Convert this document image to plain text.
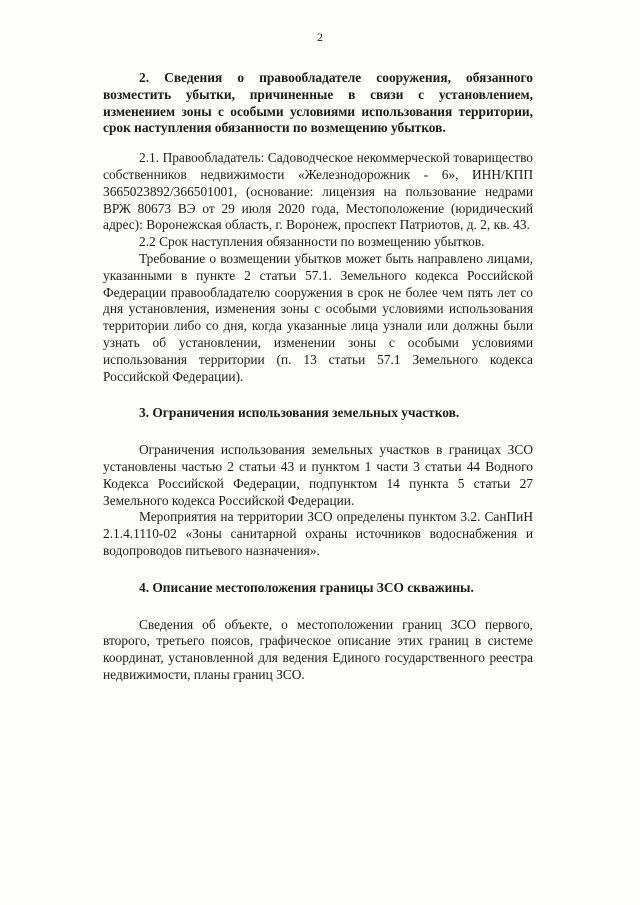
2

2. Сведения о правообладателе сооружения, обязанного возместить убытки, причиненные в связи с установлением, изменением зоны с особыми условиями использования территории, срок наступления обязанности по возмещению убытков.

2.1. Правообладатель: Садоводческое некоммерческой товарищество собственников недвижимости «Железнодорожник - 6», ИНН/КПП 3665023892/366501001, (основание: лицензия на пользование недрами ВРЖ 80673 ВЭ от 29 июля 2020 года, Местоположение (юридический адрес): Воронежская область, г. Воронеж, проспект Патриотов, д. 2, кв. 43.

2.2 Срок наступления обязанности по возмещению убытков.

Требование о возмещении убытков может быть направлено лицами, указанными в пункте 2 статьи 57.1. Земельного кодекса Российской Федерации правообладателю сооружения в срок не более чем пять лет со дня установления, изменения зоны с особыми условиями использования территории либо со дня, когда указанные лица узнали или должны были узнать об установлении, изменении зоны с особыми условиями использования территории (п. 13 статьи 57.1 Земельного кодекса Российской Федерации).

3. Ограничения использования земельных участков.

Ограничения использования земельных участков в границах ЗСО установлены частью 2 статьи 43 и пунктом 1 части 3 статьи 44 Водного Кодекса Российской Федерации, подпунктом 14 пункта 5 статьи 27 Земельного кодекса Российской Федерации.

Мероприятия на территории ЗСО определены пунктом 3.2. СанПиН 2.1.4.1110-02 «Зоны санитарной охраны источников водоснабжения и водопроводов питьевого назначения».

4. Описание местоположения границы ЗСО скважины.

Сведения об объекте, о местоположении границ ЗСО первого, второго, третьего поясов, графическое описание этих границ в системе координат, установленной для ведения Единого государственного реестра недвижимости, планы границ ЗСО.
